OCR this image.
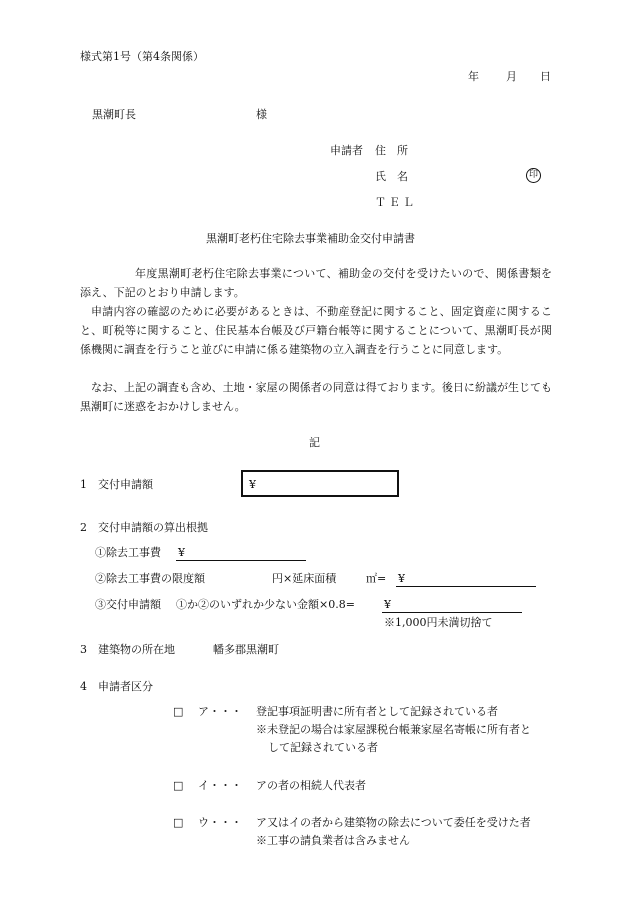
様式第1号（第4条関係）
年 月 日
黒潮町長	様
申請者 住　所
氏　名	印
ＴＥＬ
黒潮町老朽住宅除去事業補助金交付申請書
年度黒潮町老朽住宅除去事業について、補助金の交付を受けたいので、関係書類を添え、下記のとおり申請します。
申請内容の確認のために必要があるときは、不動産登記に関すること、固定資産に関すること、町税等に関すること、住民基本台帳及び戸籍台帳等に関することについて、黒潮町長が関係機関に調査を行うこと並びに申請に係る建築物の立入調査を行うことに同意します。
なお、上記の調査も含め、土地・家屋の関係者の同意は得ております。後日に紛議が生じても黒潮町に迷惑をおかけしません。
記
1　交付申請額	¥
2　交付申請額の算出根拠
①除去工事費 ¥
②除去工事費の限度額	円×延床面積	㎡= ¥
③交付申請額 ①か②のいずれか少ない金額×0.8=	¥
※1,000円未満切捨て
3　建築物の所在地	幡多郡黒潮町
4　申請者区分
□ ア・・・ 登記事項証明書に所有者として記録されている者
※未登記の場合は家屋課税台帳兼家屋名寄帳に所有者と
して記録されている者
□ イ・・・ アの者の相続人代表者
□ ウ・・・ ア又はイの者から建築物の除去について委任を受けた者
※工事の請負業者は含みません
